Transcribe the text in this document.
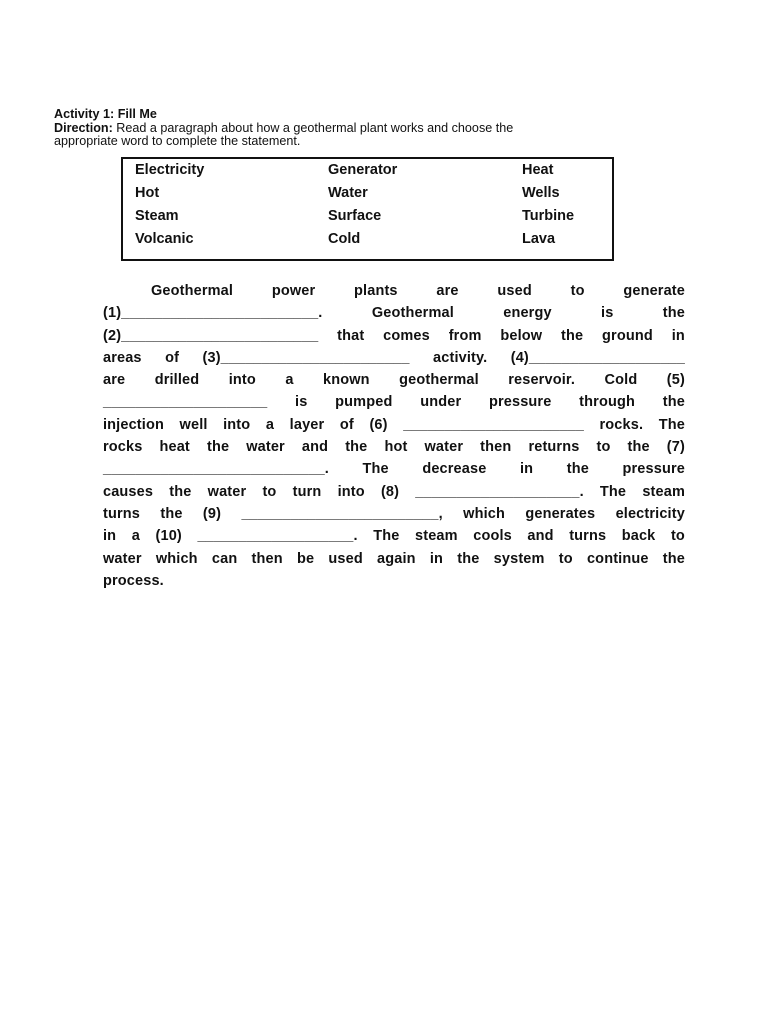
Activity 1: Fill Me
Direction: Read a paragraph about how a geothermal plant works and choose the
appropriate word to complete the statement.
Electricity	Generator	Heat
Hot	Water	Wells
Steam	Surface	Turbine
Volcanic	Cold	Lava
Geothermal	power	plants	are	used	to	generate
(1)________________________.	Geothermal	energy	is	the
(2)________________________ that comes from below the ground in
areas of (3)_______________________ activity. (4)___________________
are drilled into a known geothermal reservoir. Cold (5)
____________________ is pumped under pressure through the
injection well into a layer of (6) ______________________ rocks. The
rocks heat the water and the hot water then returns to the (7)
___________________________. The decrease in the pressure
causes the water to turn into (8) ____________________. The steam
turns the (9) ________________________, which generates electricity
in a (10) ___________________. The steam cools and turns back to
water which can then be used again in the system to continue the
process.
